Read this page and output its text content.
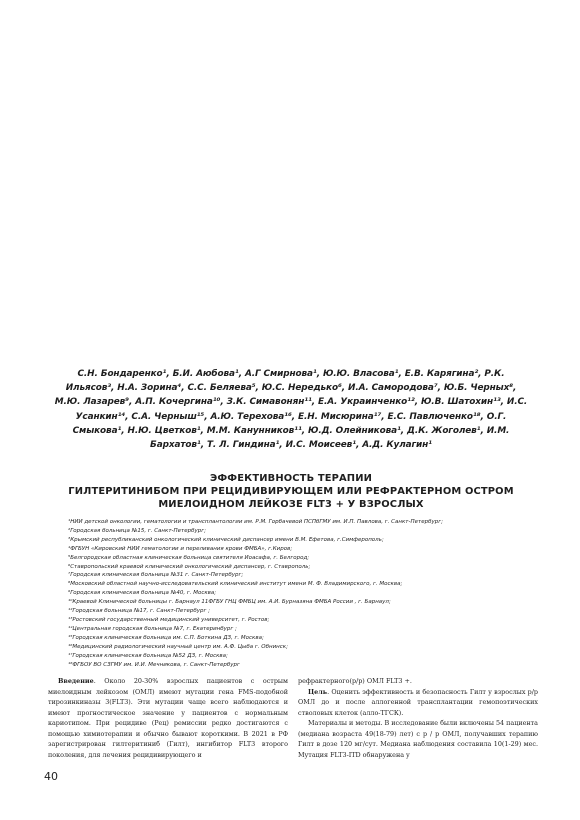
С.Н. Бондаренко¹, Б.И. Аюбова¹, А.Г Смирнова¹, Ю.Ю. Власова¹, Е.В. Карягина², Р.К. Ильясов³, Н.А. Зорина⁴, С.С. Беляева⁵, Ю.С. Нередько⁶, И.А. Самородова⁷, Ю.Б. Черных⁸, М.Ю. Лазарев⁹, А.П. Кочергина¹⁰, З.К. Симавонян¹¹, Е.А. Украинченко¹², Ю.В. Шатохин¹³, И.С. Усанкин¹⁴, С.А. Черныш¹⁵, А.Ю. Терехова¹⁶, Е.Н. Мисюрина¹⁷, Е.С. Павлюченко¹⁸, О.Г. Смыкова¹, Н.Ю. Цветков¹, М.М. Канунников¹¹, Ю.Д. Олейникова¹, Д.К. Жоголев¹, И.М. Бархатов¹, Т. Л. Гиндина¹, И.С. Моисеев¹, А.Д. Кулагин¹
ЭФФЕКТИВНОСТЬ ТЕРАПИИ
ГИЛТЕРИТИНИБОМ ПРИ РЕЦИДИВИРУЮЩЕМ ИЛИ РЕФРАКТЕРНОМ ОСТРОМ
МИЕЛОИДНОМ ЛЕЙКОЗЕ FLT3 + У ВЗРОСЛЫХ
¹НИИ детской онкологии, гематологии и трансплантологии им. Р.М. Горбачевой ПСПбГМУ им. И.П. Павлова, г. Санкт-Петербург;
²Городская больница №15, г. Санкт-Петербург;
³Крымский республиканский онкологический клинический диспансер имени В.М. Ефетова, г.Симферополь;
⁴ФГБУН «Кировский НИИ гематологии и переливания крови ФМБА», г.Киров;
⁵Белгородская областная клиническая больница святителя Иоасафа, г. Белгород;
⁶Ставропольский краевой клинический онкологический диспансер, г. Ставрополь;
⁷Городская клиническая больница №31 г. Санкт-Петербург;
⁸Московский областной научно-исследовательский клинический институт имени М. Ф. Владимирского, г. Москва;
⁹Городская клиническая больница №40, г. Москва;
¹⁰Краевой Клинической больницы г. Барнаул 11ФГБУ ГНЦ ФМБЦ им. А.И. Бурназяна ФМБА России , г. Барнаул;
¹²Городская больница №17, г. Санкт-Петербург ;
¹³Ростовский государственный медицинский университет, г. Ростов;
¹⁴Центральная городская больница №7, г. Екатеринбург ;
¹⁵Городская клиническая больница им. С.П. Боткина ДЗ, г. Москва;
¹⁶Медицинский радиологический научный центр им. А.Ф. Цыба г. Обнинск;
¹⁷Городская клиническая больница №52 ДЗ, г. Москва;
¹⁸ФГБОУ ВО СЗГМУ им. И.И. Мечникова, г. Санкт-Петербург

Введение. Около 20-30% взрослых пациентов с острым миелоидным лейкозом (ОМЛ) имеют мутации гена FMS-подобной тирозинкиназы 3(FLT3). Эти мутации чаще всего наблюдаются и имеют прогностическое значение у пациентов с нормальным кариотипом. При рецидиве (Рец) ремиссии редко достигаются с помощью химиотерапии и обычно бывают короткими. В 2021 в РФ зарегистрирован гилтеритиниб (Гилт), ингибитор FLT3 второго поколения, для лечения рецидивирующего и

рефрактерного(р/р) ОМЛ FLT3 +.

Цель. Оценить эффективность и безопасность Гилт у взрослых р/р ОМЛ до и после аллогенной трансплантации гемопоэтических стволовых клеток (алло-ТГСК).

Материалы и методы. В исследование были включены 54 пациента (медиана возраста 49(18-79) лет) с р / р ОМЛ, получавших терапию Гилт в дозе 120 мг/сут. Медиана наблюдения составила 10(1-29) мес. Мутация FLT3-ITD обнаружена у

40
